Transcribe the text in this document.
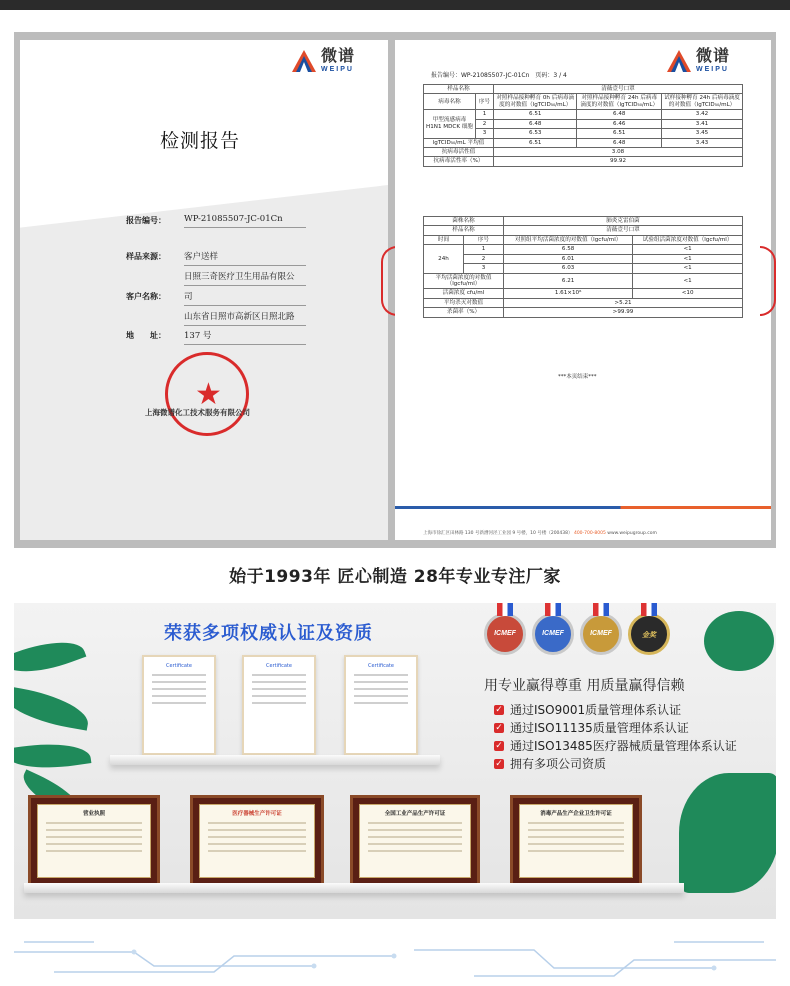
微谱
WEIPU
检测报告
报告编号： WP-21085507-JC-01Cn
样品来源： 客户送样
日照三奇医疗卫生用品有限公
客户名称： 司
山东省日照市高新区日照北路
地　　址： 137 号
★
上海微谱化工技术服务有限公司
微谱
WEIPU
报告编号：WP-21085507-JC-01Cn　页码：3 / 4
样品名称		清薇壹号口罩		
病毒名称	序号	对照样品接种孵育 0h 后病毒滴度的对数值（lgTCID₅₀/mL）	对照样品接种孵育 24h 后病毒滴度的对数值（lgTCID₅₀/mL）	试样接种孵育 24h 后病毒滴度的对数值（lgTCID₅₀/mL）
甲型流感病毒 H1N1 MDCK 细胞	1	6.51	6.48	3.42
	2	6.48	6.46	3.41
	3	6.53	6.51	3.45
lgTCID₅₀/mL 平均值		6.51	6.48	3.43
抗病毒活性值		3.08		
抗病毒活性率（%）		99.92		
菌株名称		肺炎克雷伯菌	
样品名称		清薇壹号口罩	
时间	序号	对照组平均活菌浓度的对数值（lgcfu/ml）	试验组活菌浓度对数值（lgcfu/ml）
24h	1	6.58	<1
	2	6.01	<1
	3	6.03	<1
平均活菌浓度的对数值（lgcfu/ml）		6.21	<1
活菌浓度 cfu/ml		1.61×10⁶	<10
平均杀灭对数值		>5.21	
杀菌率（%）		>99.99	
***本页结束***
上海市徐汇区田林路 130 号新漕河泾工业园 9 号楼，10 号楼（200438） 400-700-8005 www.weipugroup.com
始于1993年 匠心制造 28年专业专注厂家
荣获多项权威认证及资质
Certificate	Certificate	Certificate
ICMEF	ICMEF	ICMEF	金奖
用专业赢得尊重 用质量赢得信赖
✓ 通过ISO9001质量管理体系认证
✓ 通过ISO11135质量管理体系认证
✓ 通过ISO13485医疗器械质量管理体系认证
✓ 拥有多项公司资质
营业执照	医疗器械生产许可证	全国工业产品生产许可证	消毒产品生产企业卫生许可证
